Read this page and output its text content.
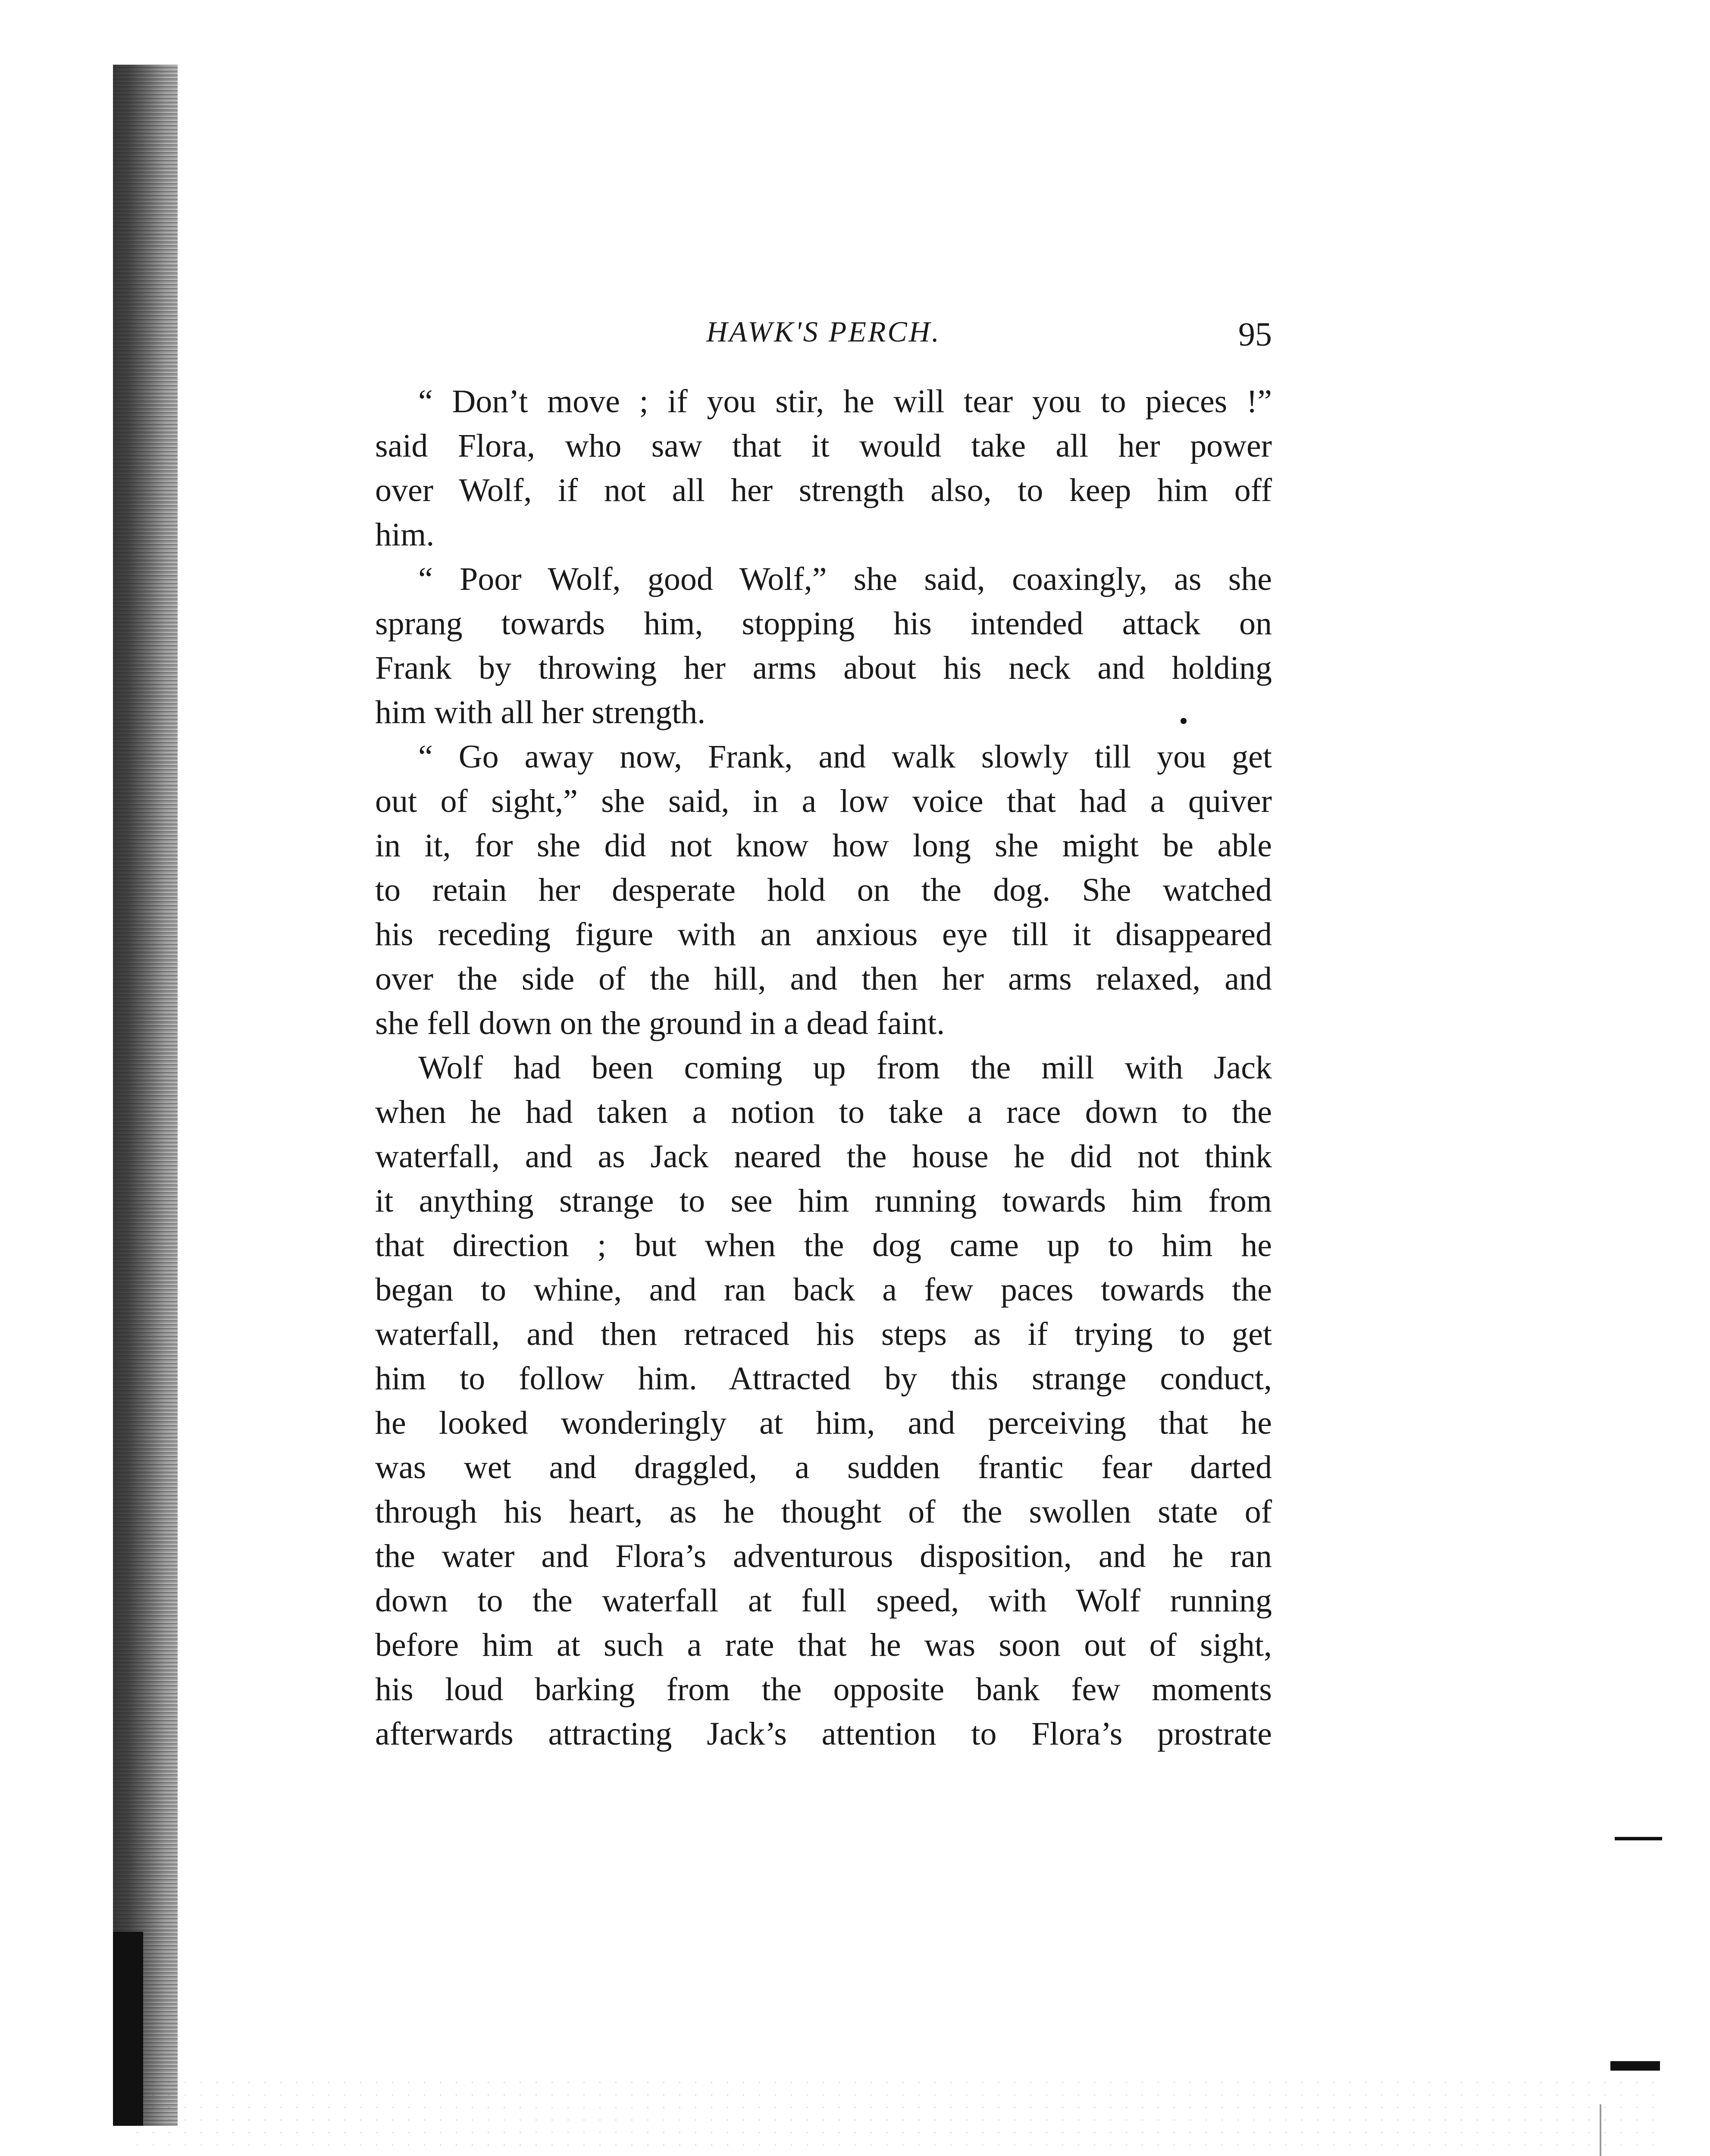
HAWK'S PERCH.	95
“ Don’t move ; if you stir, he will tear you to pieces !”
said Flora, who saw that it would take all her power
over Wolf, if not all her strength also, to keep him off
him.
“ Poor Wolf, good Wolf,” she said, coaxingly, as she
sprang towards him, stopping his intended attack on
Frank by throwing her arms about his neck and holding
him with all her strength.
“ Go away now, Frank, and walk slowly till you get
out of sight,” she said, in a low voice that had a quiver
in it, for she did not know how long she might be able
to retain her desperate hold on the dog. She watched
his receding figure with an anxious eye till it disappeared
over the side of the hill, and then her arms relaxed, and
she fell down on the ground in a dead faint.
Wolf had been coming up from the mill with Jack
when he had taken a notion to take a race down to the
waterfall, and as Jack neared the house he did not think
it anything strange to see him running towards him from
that direction ; but when the dog came up to him he
began to whine, and ran back a few paces towards the
waterfall, and then retraced his steps as if trying to get
him to follow him. Attracted by this strange conduct,
he looked wonderingly at him, and perceiving that he
was wet and draggled, a sudden frantic fear darted
through his heart, as he thought of the swollen state of
the water and Flora’s adventurous disposition, and he ran
down to the waterfall at full speed, with Wolf running
before him at such a rate that he was soon out of sight,
his loud barking from the opposite bank few moments
afterwards attracting Jack’s attention to Flora’s prostrate
